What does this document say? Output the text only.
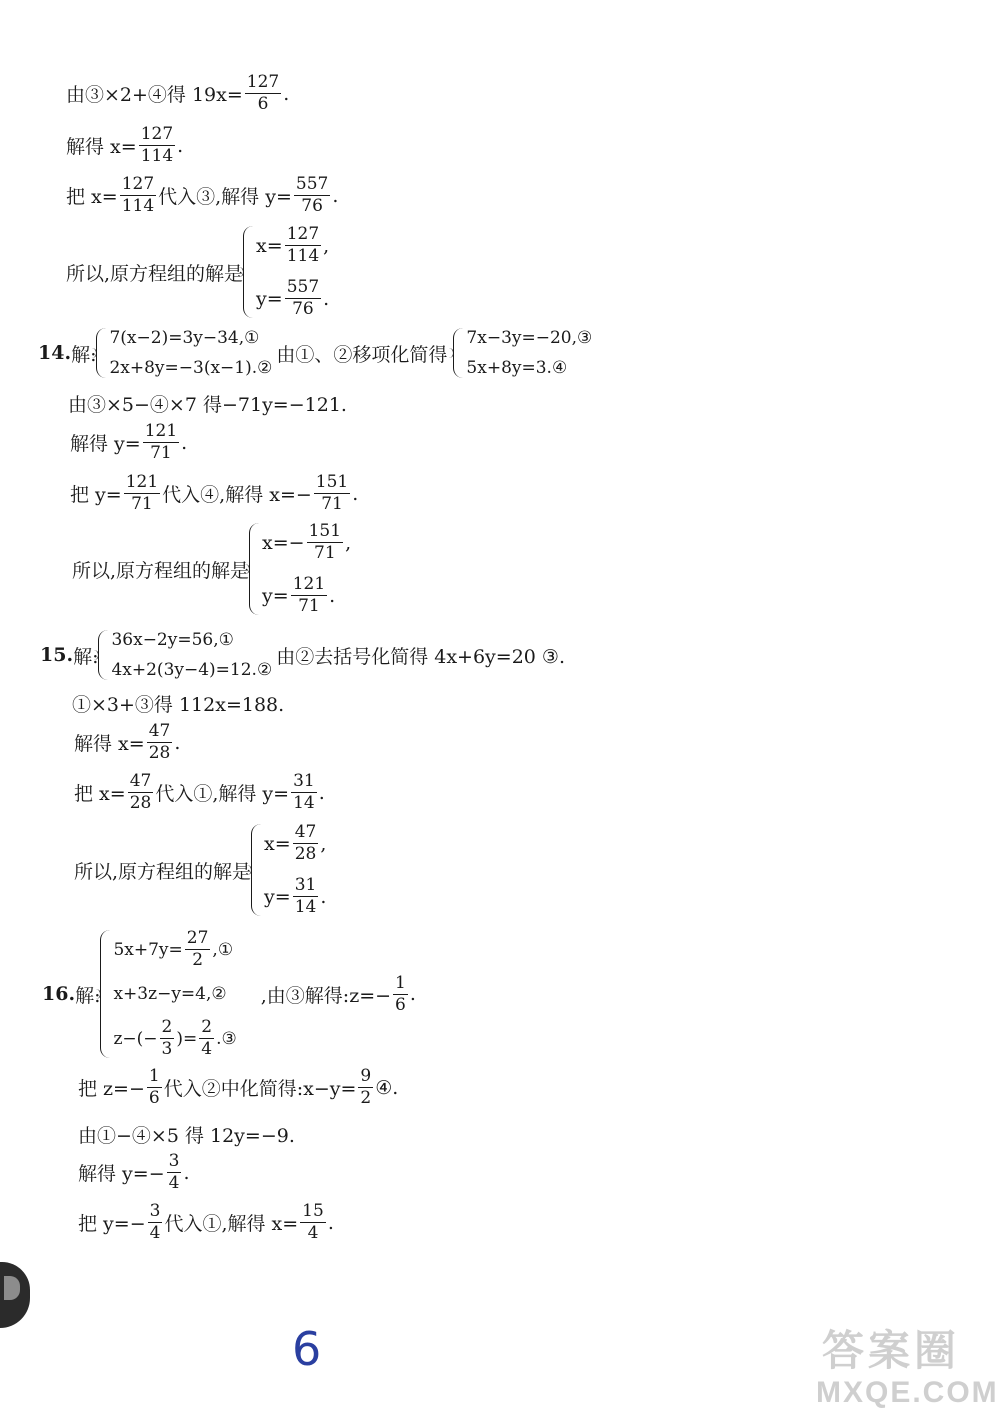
由③×2+④得 $19x= \frac{127}{6}$ .
解得 $x= \frac{127}{114}$ .
把 $x= \frac{127}{114}$ 代入③,解得 $y= \frac{557}{76}$ .
所以,原方程组的解是
$x= \frac{127}{114}$ ,
$y= \frac{557}{76}$ .
14. 解:
7(x−2)=3y−34,①
2x+8y=−3(x−1).②
由①、②移项化简得
7x−3y=−20,③
5x+8y=3.④
由③×5−④×7 得−71y=−121.
解得 $y= \frac{121}{71}$ .
把 $y= \frac{121}{71}$ 代入④,解得 $x=- \frac{151}{71}$ .
所以,原方程组的解是
$x=- \frac{151}{71}$ ,
$y= \frac{121}{71}$ .
15. 解:
36x−2y=56,①
4x+2(3y−4)=12.②
由②去括号化简得 4x+6y=20 ③.
①×3+③得 112x=188.
解得 $x= \frac{47}{28}$ .
把 $x= \frac{47}{28}$ 代入①,解得 $y= \frac{31}{14}$ .
所以,原方程组的解是
$x= \frac{47}{28}$ ,
$y= \frac{31}{14}$ .
16. 解:
$5x+7y= \frac{27}{2}$ ,①
x+3z−y=4,②
$z-(- \frac{2}{3}$ )= $\frac{2}{4}$ .③
,由③解得:z=− $\frac{1}{6}$ .
把 $z=- \frac{1}{6}$ 代入②中化简得:x−y= $\frac{9}{2}$ ④.
由①−④×5 得 12y=−9.
解得 $y=- \frac{3}{4}$ .
把 $y=- \frac{3}{4}$ 代入①,解得 $x= \frac{15}{4}$ .
6	答案圈
MXQE.COM
